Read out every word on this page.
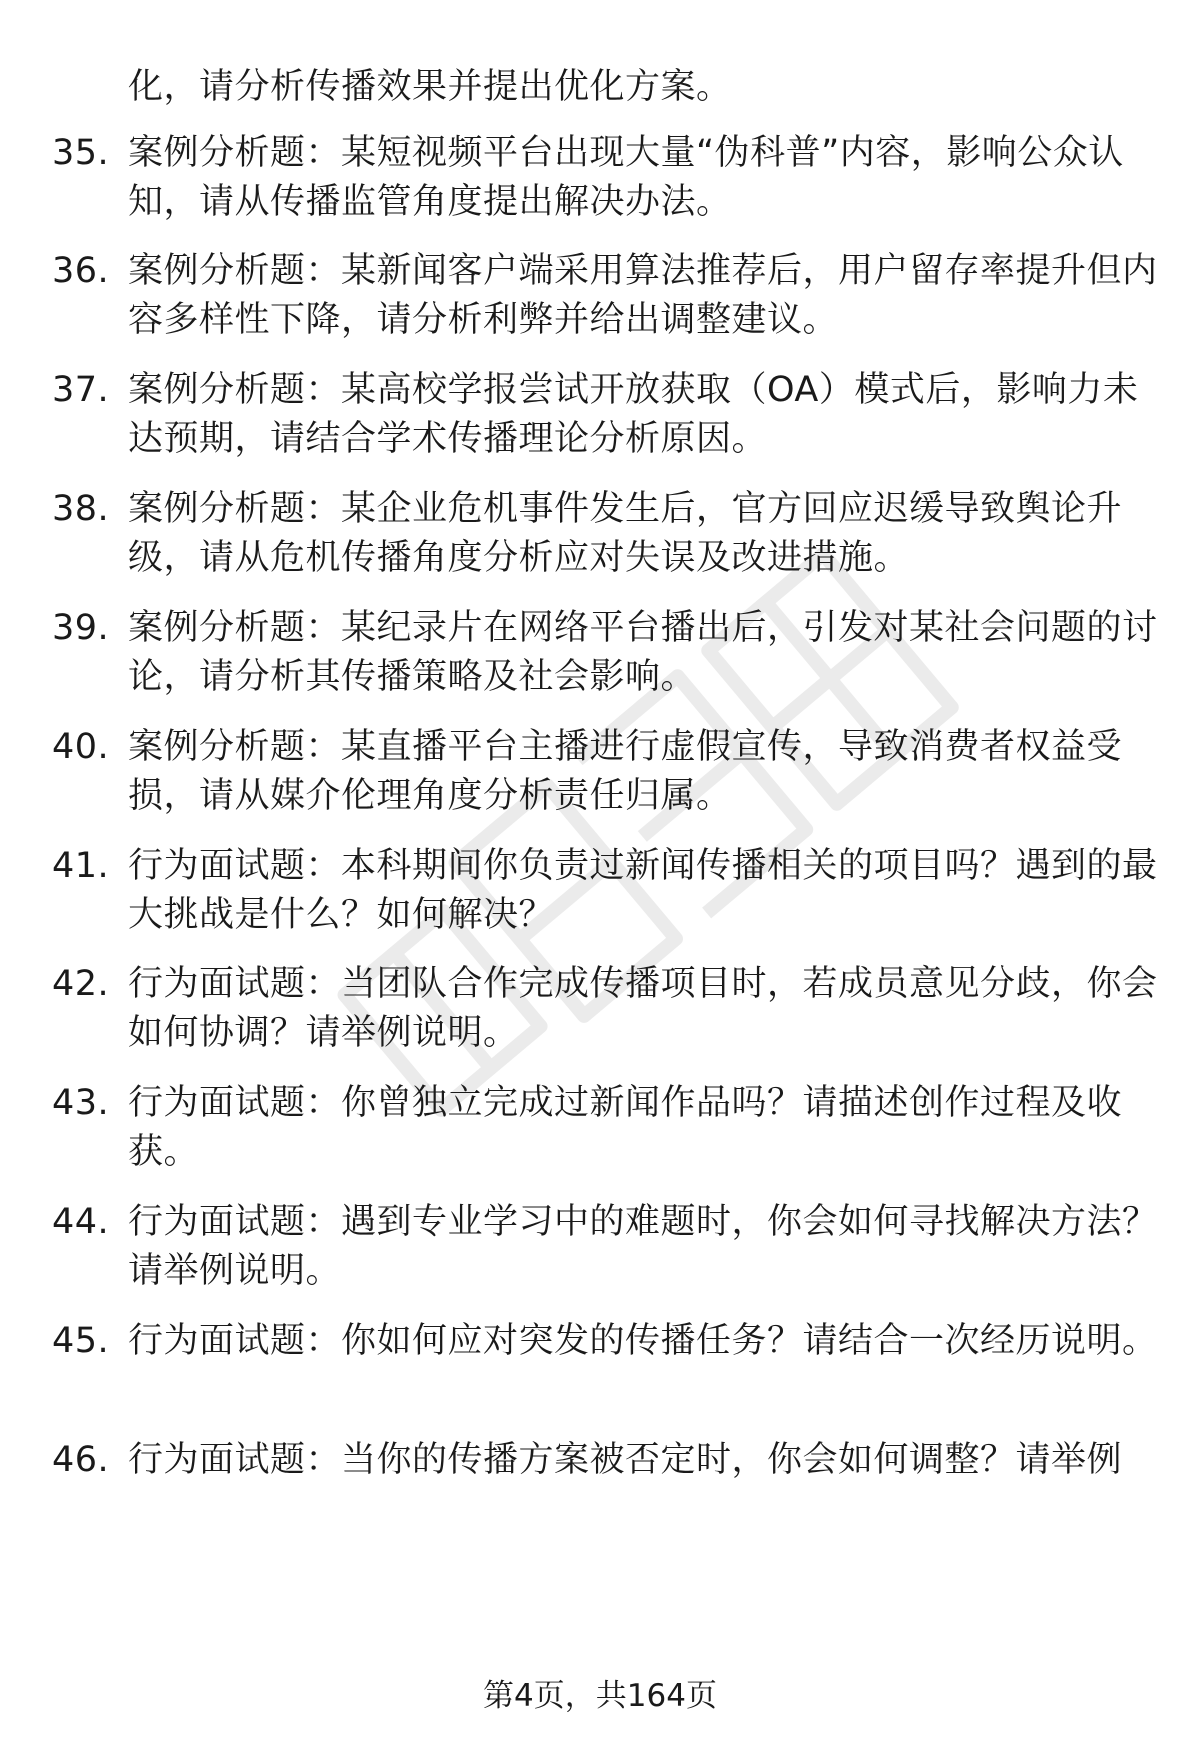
化，请分析传播效果并提出优化方案。
35. 案例分析题：某短视频平台出现大量“伪科普”内容，影响公众认知，请从传播监管角度提出解决办法。
36. 案例分析题：某新闻客户端采用算法推荐后，用户留存率提升但内容多样性下降，请分析利弊并给出调整建议。
37. 案例分析题：某高校学报尝试开放获取（OA）模式后，影响力未达预期，请结合学术传播理论分析原因。
38. 案例分析题：某企业危机事件发生后，官方回应迟缓导致舆论升级，请从危机传播角度分析应对失误及改进措施。
39. 案例分析题：某纪录片在网络平台播出后，引发对某社会问题的讨论，请分析其传播策略及社会影响。
40. 案例分析题：某直播平台主播进行虚假宣传，导致消费者权益受损，请从媒介伦理角度分析责任归属。
41. 行为面试题：本科期间你负责过新闻传播相关的项目吗？遇到的最大挑战是什么？如何解决？
42. 行为面试题：当团队合作完成传播项目时，若成员意见分歧，你会如何协调？请举例说明。
43. 行为面试题：你曾独立完成过新闻作品吗？请描述创作过程及收获。
44. 行为面试题：遇到专业学习中的难题时，你会如何寻找解决方法？请举例说明。
45. 行为面试题：你如何应对突发的传播任务？请结合一次经历说明。
46. 行为面试题：当你的传播方案被否定时，你会如何调整？请举例
第4页，共164页
